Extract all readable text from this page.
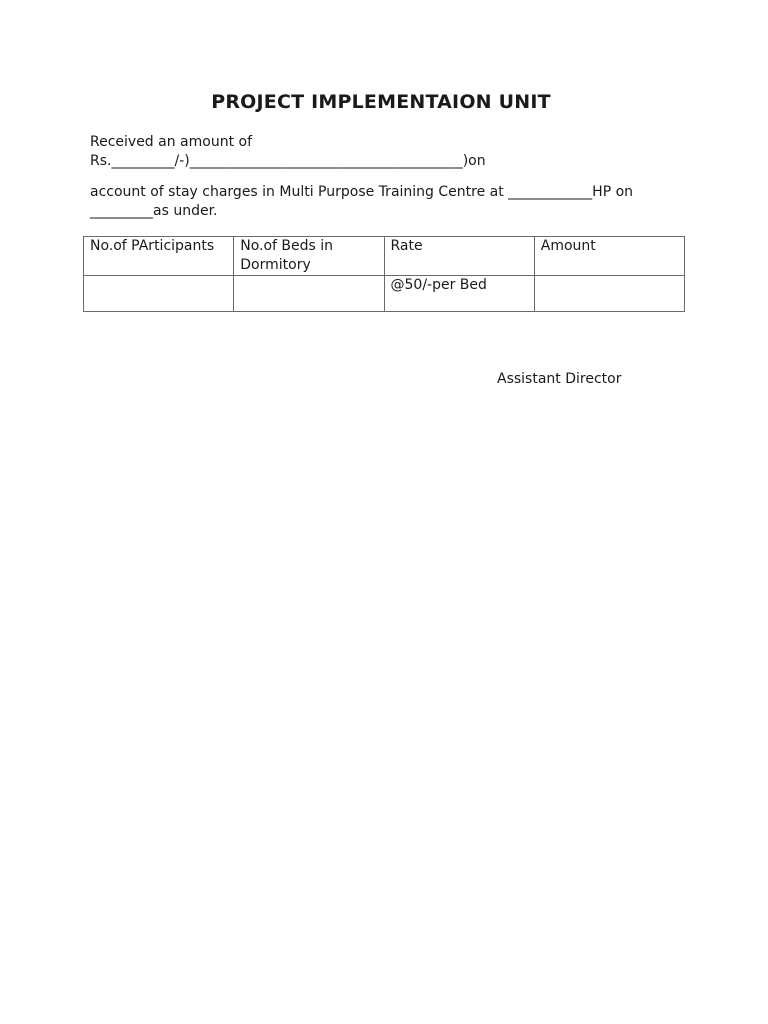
PROJECT IMPLEMENTAION UNIT
Received an amount of
Rs._________/-)_______________________________________)on
account of stay charges in Multi Purpose Training Centre at ____________HP on
_________as under.
No.of PArticipants	No.of Beds in Dormitory	Rate	Amount
		@50/-per Bed	
Assistant Director
